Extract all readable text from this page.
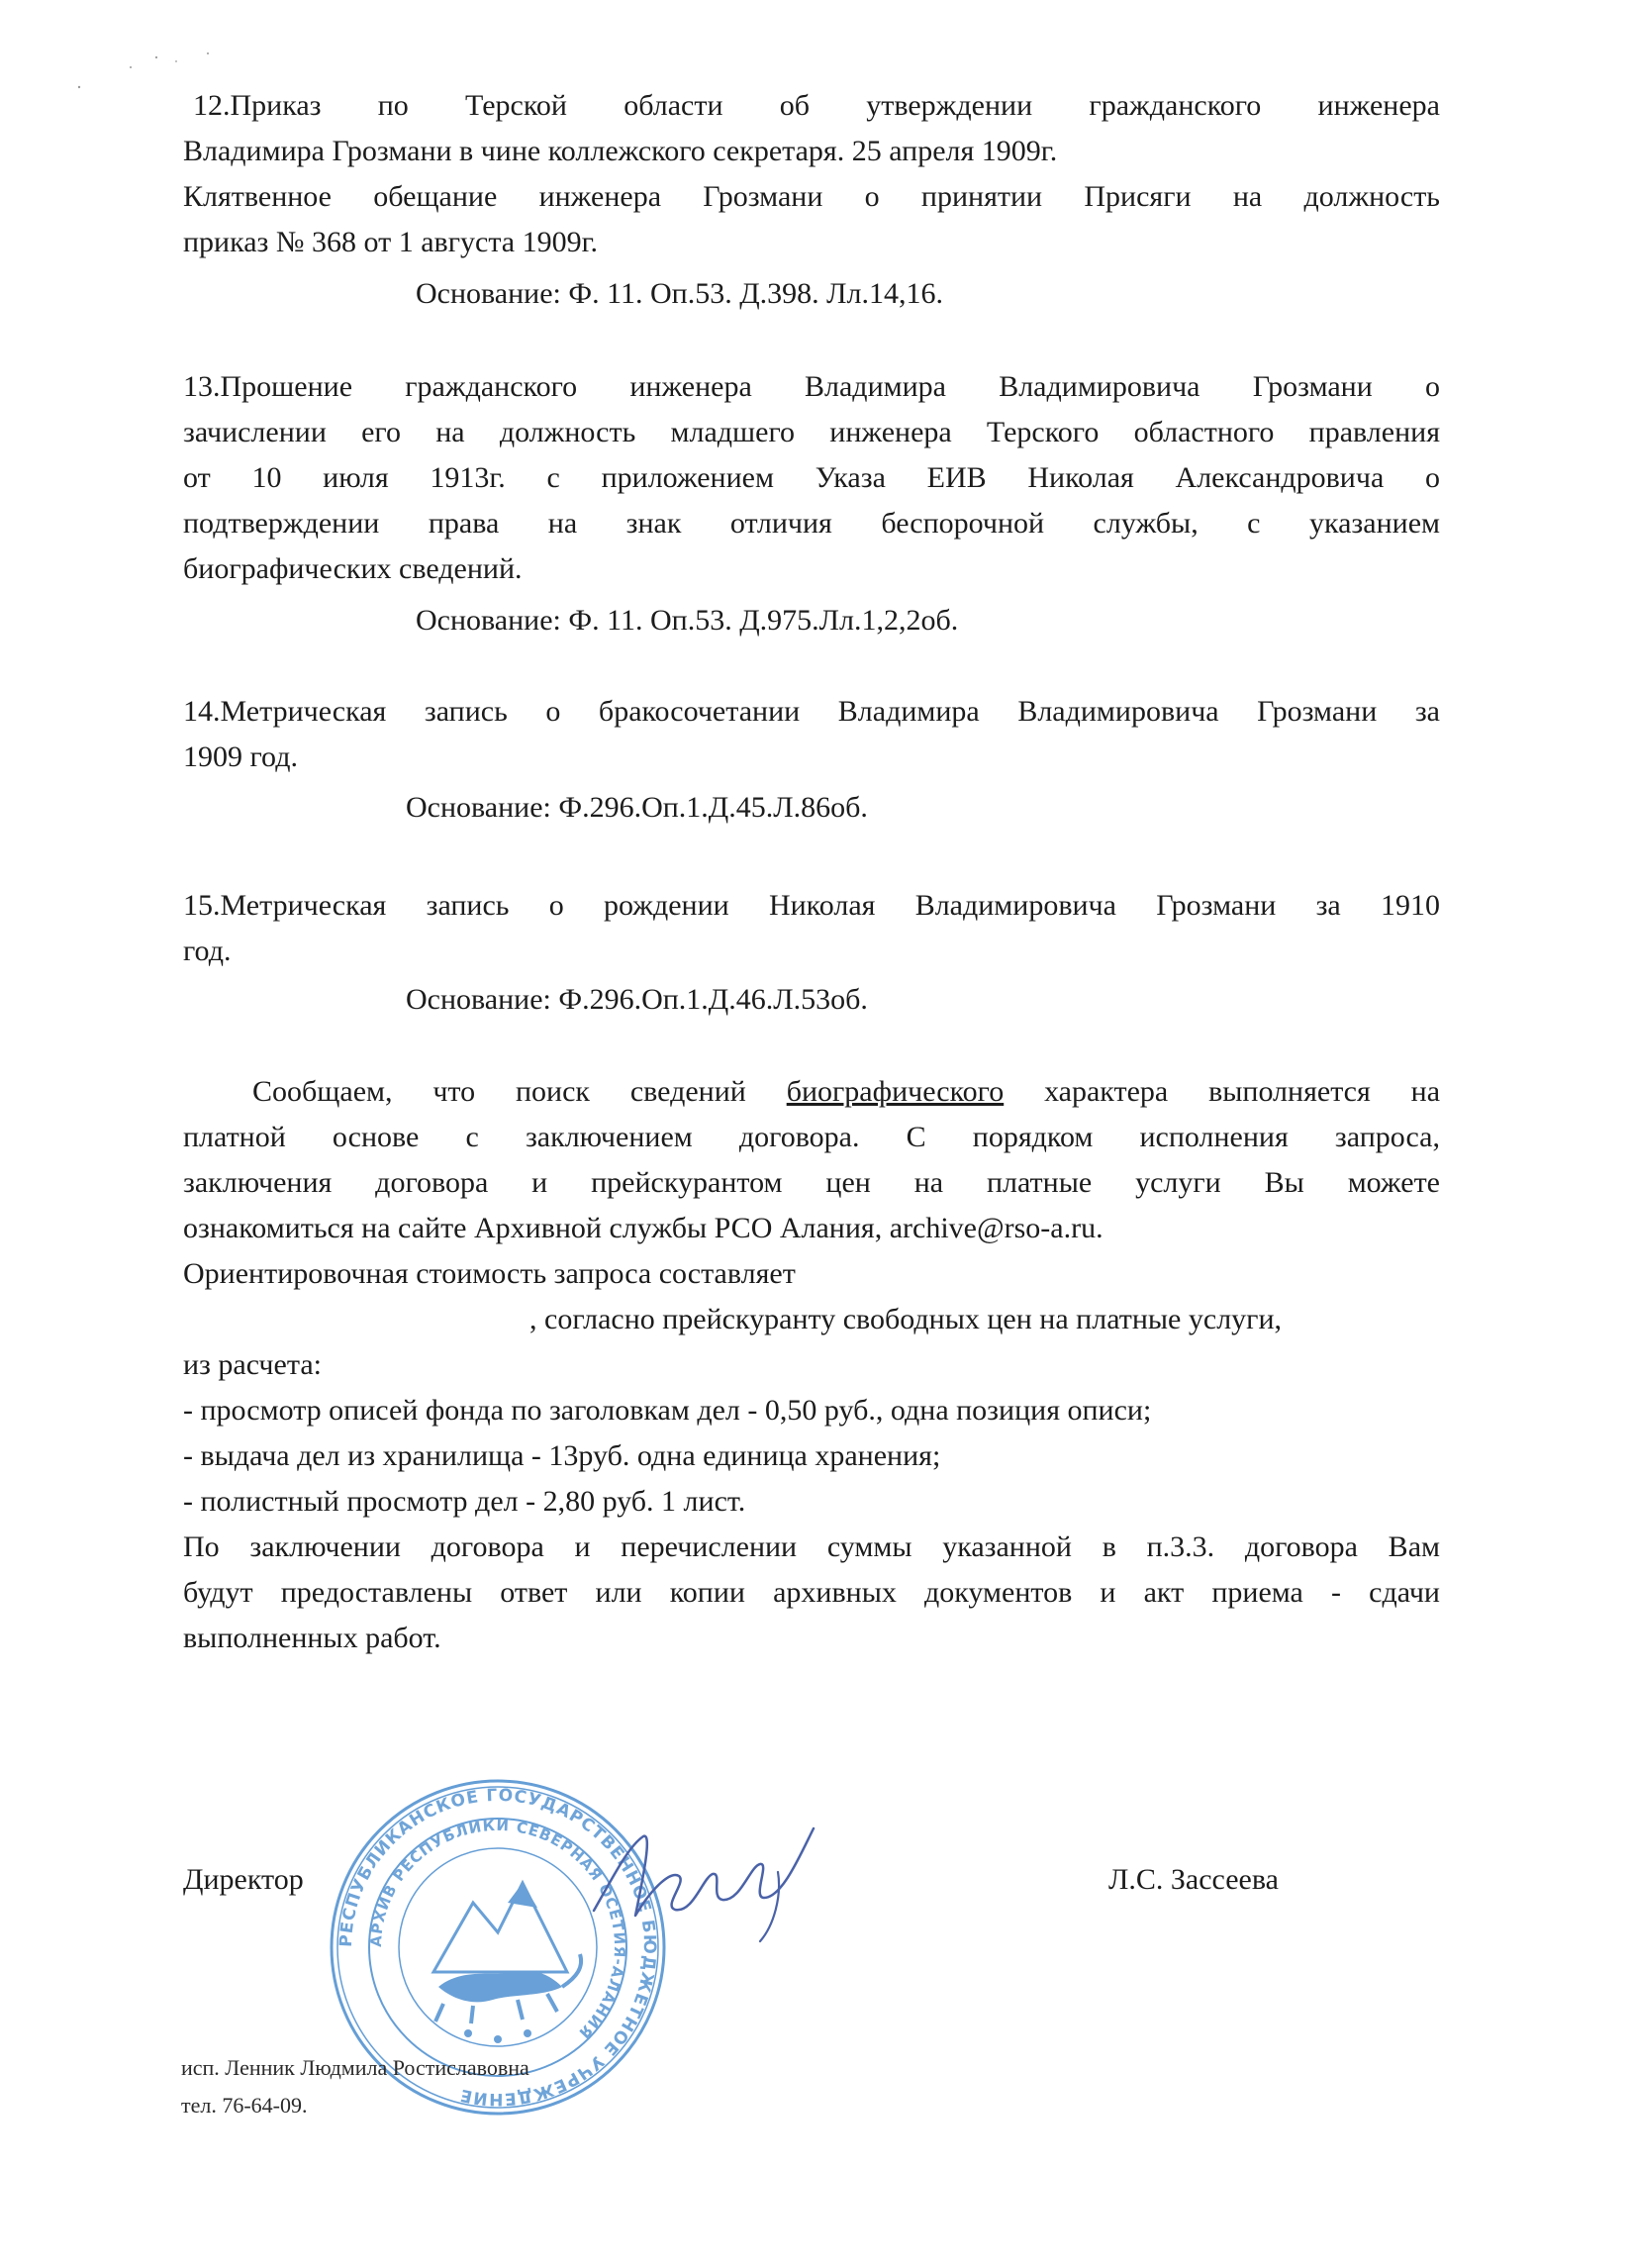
12.Приказ по Терской области об утверждении гражданского инженера
Владимира Грозмани в чине коллежского секретаря. 25 апреля 1909г.
Клятвенное обещание инженера Грозмани о принятии Присяги на должность
приказ № 368 от 1 августа 1909г.
Основание: Ф. 11. Оп.53. Д.398. Лл.14,16.
13.Прошение гражданского инженера Владимира Владимировича Грозмани о
зачислении его на должность младшего инженера Терского областного правления
от 10 июля 1913г. с приложением Указа ЕИВ Николая Александровича о
подтверждении права на знак отличия беспорочной службы, с указанием
биографических сведений.
Основание: Ф. 11. Оп.53. Д.975.Лл.1,2,2об.
14.Метрическая запись о бракосочетании Владимира Владимировича Грозмани за
1909 год.
Основание: Ф.296.Оп.1.Д.45.Л.86об.
15.Метрическая запись о рождении Николая Владимировича Грозмани за 1910
год.
Основание: Ф.296.Оп.1.Д.46.Л.53об.
Сообщаем, что поиск сведений биографического характера выполняется на
платной основе с заключением договора. С порядком исполнения запроса,
заключения договора и прейскурантом цен на платные услуги Вы можете
ознакомиться на сайте Архивной службы РСО Алания, archive@rso-a.ru.
Ориентировочная стоимость запроса составляет
, согласно прейскуранту свободных цен на платные услуги,
из расчета:
- просмотр описей фонда по заголовкам дел - 0,50 руб., одна позиция описи;
- выдача дел из хранилища - 13руб. одна единица хранения;
- полистный просмотр дел - 2,80 руб. 1 лист.
По заключении договора и перечислении суммы указанной в п.3.3. договора Вам
будут предоставлены ответ или копии архивных документов и акт приема - сдачи
выполненных работ.
Директор	Л.С. Зассеева
РЕСПУБЛИКАНСКОЕ ГОСУДАРСТВЕННОЕ БЮДЖЕТНОЕ УЧРЕЖДЕНИЕ
АРХИВ РЕСПУБЛИКИ СЕВЕРНАЯ ОСЕТИЯ-АЛАНИЯ
исп. Ленник Людмила Ростиславовна
тел. 76-64-09.
